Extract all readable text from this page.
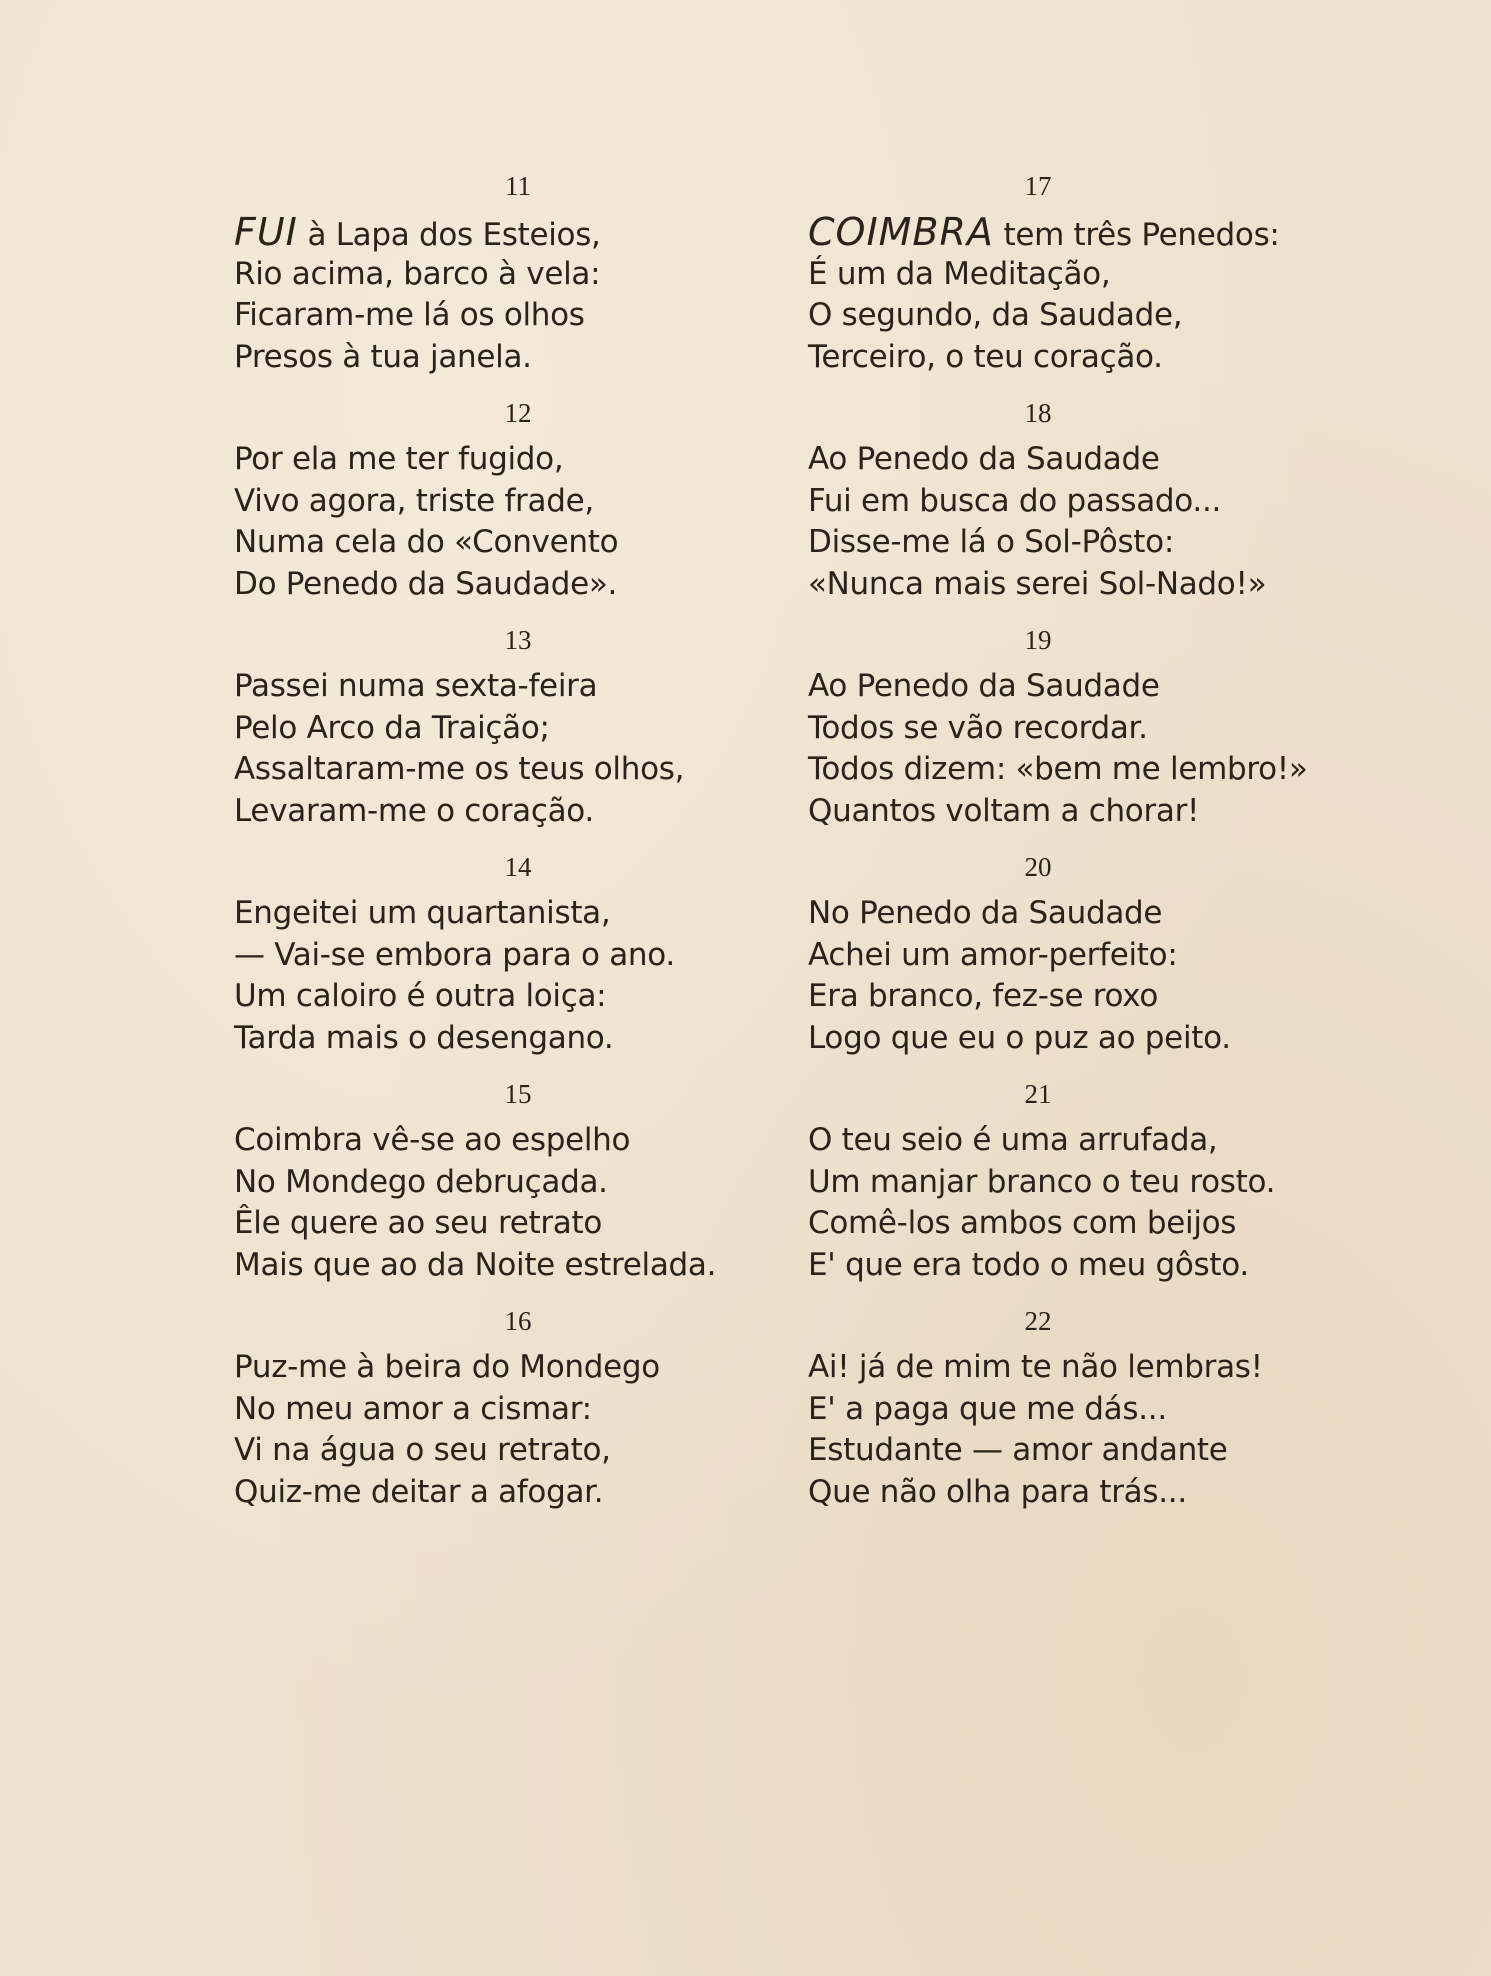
11
FUI à Lapa dos Esteios,
Rio acima, barco à vela:
Ficaram-me lá os olhos
Presos à tua janela.
12
Por ela me ter fugido,
Vivo agora, triste frade,
Numa cela do «Convento
Do Penedo da Saudade».
13
Passei numa sexta-feira
Pelo Arco da Traição;
Assaltaram-me os teus olhos,
Levaram-me o coração.
14
Engeitei um quartanista,
— Vai-se embora para o ano.
Um caloiro é outra loiça:
Tarda mais o desengano.
15
Coimbra vê-se ao espelho
No Mondego debruçada.
Êle quere ao seu retrato
Mais que ao da Noite estrelada.
16
Puz-me à beira do Mondego
No meu amor a cismar:
Vi na água o seu retrato,
Quiz-me deitar a afogar.
17
COIMBRA tem três Penedos:
É um da Meditação,
O segundo, da Saudade,
Terceiro, o teu coração.
18
Ao Penedo da Saudade
Fui em busca do passado...
Disse-me lá o Sol-Pôsto:
«Nunca mais serei Sol-Nado!»
19
Ao Penedo da Saudade
Todos se vão recordar.
Todos dizem: «bem me lembro!»
Quantos voltam a chorar!
20
No Penedo da Saudade
Achei um amor-perfeito:
Era branco, fez-se roxo
Logo que eu o puz ao peito.
21
O teu seio é uma arrufada,
Um manjar branco o teu rosto.
Comê-los ambos com beijos
E' que era todo o meu gôsto.
22
Ai! já de mim te não lembras!
E' a paga que me dás...
Estudante — amor andante
Que não olha para trás...
